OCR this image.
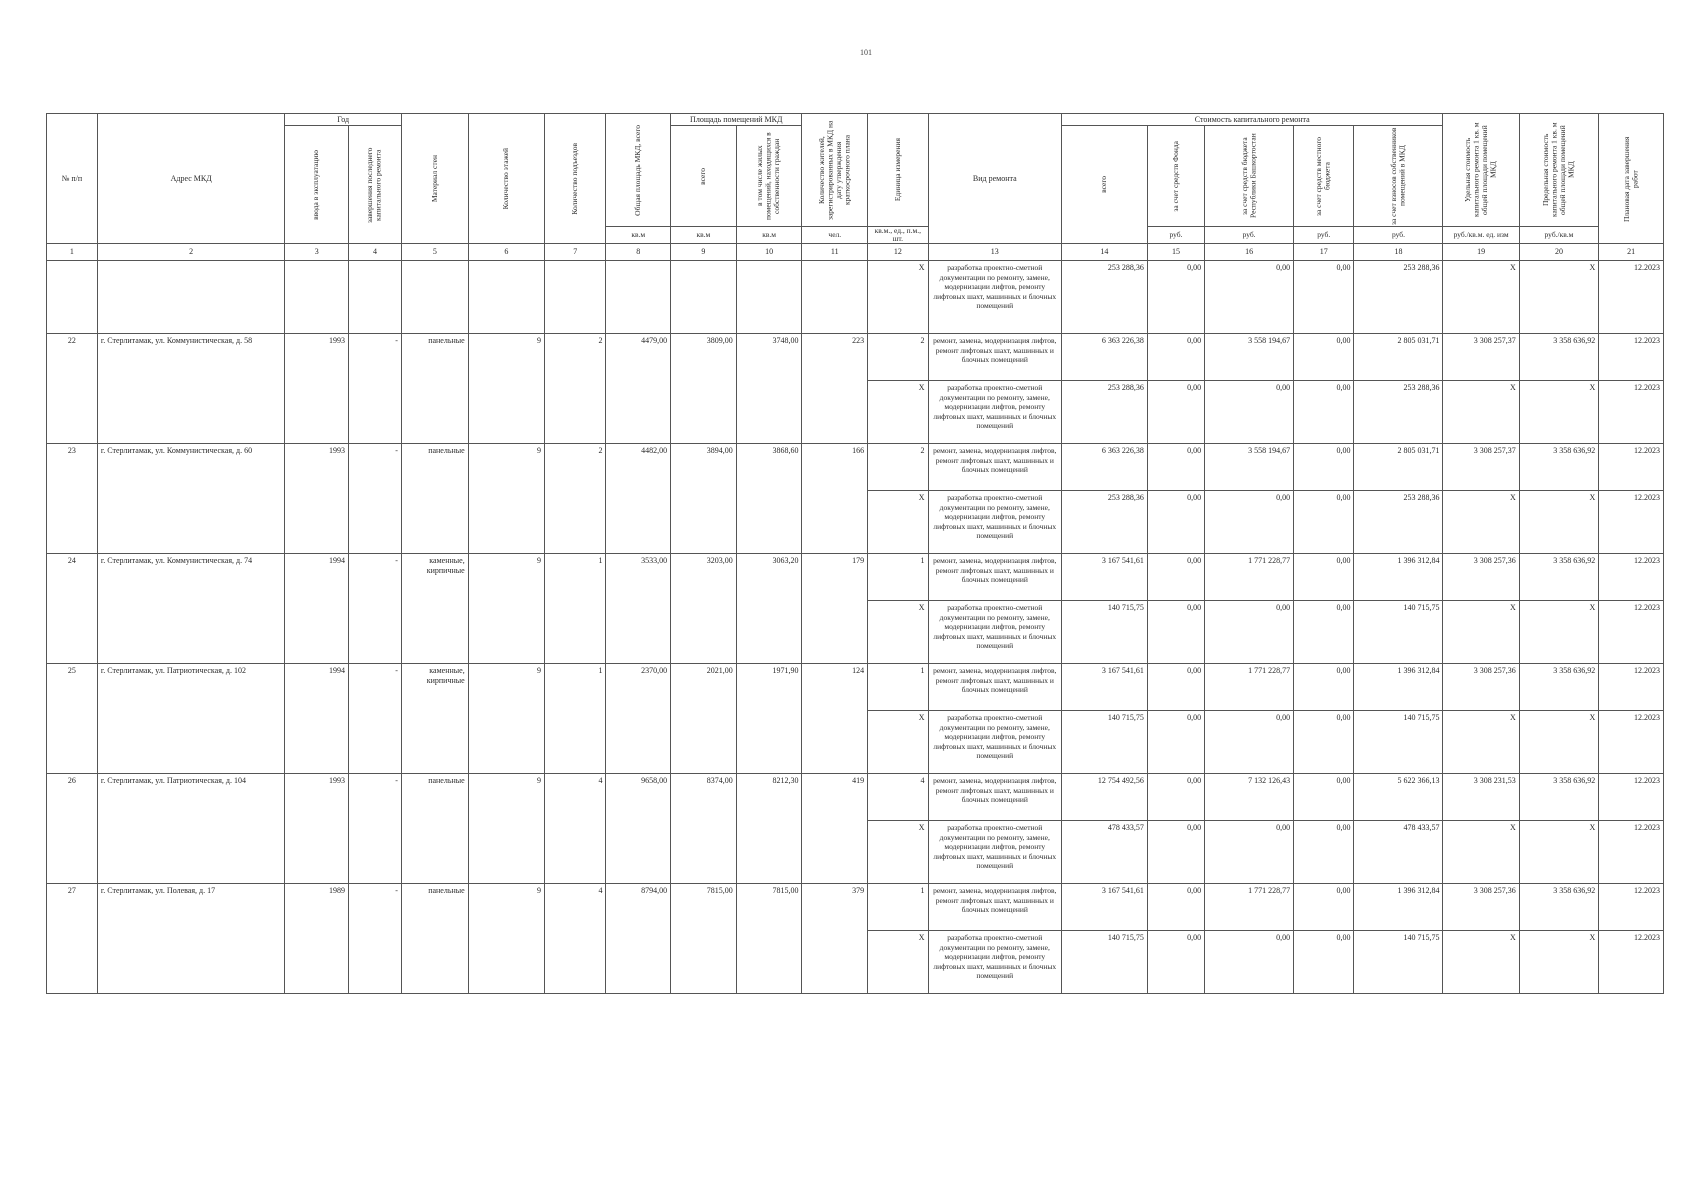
101
№ п/п	Адрес МКД	Год		Материал стен	Количество этажей	Количество подъездов	Общая площадь МКД, всего	Площадь помещений МКД		Количество жителей, зарегистрированных в МКД на дату утверждения краткосрочного плана	Единица измерения	Вид ремонта	Стоимость капитального ремонта					Удельная стоимость капитального ремонта 1 кв. м общей площади помещений МКД	Предельная стоимость капитального ремонта 1 кв. м общей площади помещений МКД	Плановая дата завершения работ

		ввода в эксплуатацию	завершения последнего капитального ремонта					всего	в том числе жилых помещений, находящихся в собственности граждан				всего	за счет средств Фонда	за счет средств бюджета Республики Башкортостан	за счет средств местного бюджета	за счет взносов собственников помещений в МКД			

							кв.м	кв.м	кв.м	чел.	кв.м., ед., п.м., шт.			руб.	руб.	руб.	руб.	руб./кв.м. ед. изм	руб./кв.м	
1	2	3	4	5	6	7	8	9	10	11	12	13	14	15	16	17	18	19	20	21
											Х	разработка проектно-сметной документации по ремонту, замене, модернизации лифтов, ремонту лифтовых шахт, машинных и блочных помещений	253 288,36	0,00	0,00	0,00	253 288,36	Х	Х	12.2023
22	г. Стерлитамак, ул. Коммунистическая, д. 58	1993	-	панельные	9	2	4479,00	3809,00	3748,00	223	2	ремонт, замена, модернизация лифтов, ремонт лифтовых шахт, машинных и блочных помещений	6 363 226,38	0,00	3 558 194,67	0,00	2 805 031,71	3 308 257,37	3 358 636,92	12.2023
											Х	разработка проектно-сметной документации по ремонту, замене, модернизации лифтов, ремонту лифтовых шахт, машинных и блочных помещений	253 288,36	0,00	0,00	0,00	253 288,36	Х	Х	12.2023
23	г. Стерлитамак, ул. Коммунистическая, д. 60	1993	-	панельные	9	2	4482,00	3894,00	3868,60	166	2	ремонт, замена, модернизация лифтов, ремонт лифтовых шахт, машинных и блочных помещений	6 363 226,38	0,00	3 558 194,67	0,00	2 805 031,71	3 308 257,37	3 358 636,92	12.2023
											Х	разработка проектно-сметной документации по ремонту, замене, модернизации лифтов, ремонту лифтовых шахт, машинных и блочных помещений	253 288,36	0,00	0,00	0,00	253 288,36	Х	Х	12.2023
24	г. Стерлитамак, ул. Коммунистическая, д. 74	1994	-	каменные, кирпичные	9	1	3533,00	3203,00	3063,20	179	1	ремонт, замена, модернизация лифтов, ремонт лифтовых шахт, машинных и блочных помещений	3 167 541,61	0,00	1 771 228,77	0,00	1 396 312,84	3 308 257,36	3 358 636,92	12.2023
											Х	разработка проектно-сметной документации по ремонту, замене, модернизации лифтов, ремонту лифтовых шахт, машинных и блочных помещений	140 715,75	0,00	0,00	0,00	140 715,75	Х	Х	12.2023
25	г. Стерлитамак, ул. Патриотическая, д. 102	1994	-	каменные, кирпичные	9	1	2370,00	2021,00	1971,90	124	1	ремонт, замена, модернизация лифтов, ремонт лифтовых шахт, машинных и блочных помещений	3 167 541,61	0,00	1 771 228,77	0,00	1 396 312,84	3 308 257,36	3 358 636,92	12.2023
											Х	разработка проектно-сметной документации по ремонту, замене, модернизации лифтов, ремонту лифтовых шахт, машинных и блочных помещений	140 715,75	0,00	0,00	0,00	140 715,75	Х	Х	12.2023
26	г. Стерлитамак, ул. Патриотическая, д. 104	1993	-	панельные	9	4	9658,00	8374,00	8212,30	419	4	ремонт, замена, модернизация лифтов, ремонт лифтовых шахт, машинных и блочных помещений	12 754 492,56	0,00	7 132 126,43	0,00	5 622 366,13	3 308 231,53	3 358 636,92	12.2023
											Х	разработка проектно-сметной документации по ремонту, замене, модернизации лифтов, ремонту лифтовых шахт, машинных и блочных помещений	478 433,57	0,00	0,00	0,00	478 433,57	Х	Х	12.2023
27	г. Стерлитамак, ул. Полевая, д. 17	1989	-	панельные	9	4	8794,00	7815,00	7815,00	379	1	ремонт, замена, модернизация лифтов, ремонт лифтовых шахт, машинных и блочных помещений	3 167 541,61	0,00	1 771 228,77	0,00	1 396 312,84	3 308 257,36	3 358 636,92	12.2023
											Х	разработка проектно-сметной документации по ремонту, замене, модернизации лифтов, ремонту лифтовых шахт, машинных и блочных помещений	140 715,75	0,00	0,00	0,00	140 715,75	Х	Х	12.2023
